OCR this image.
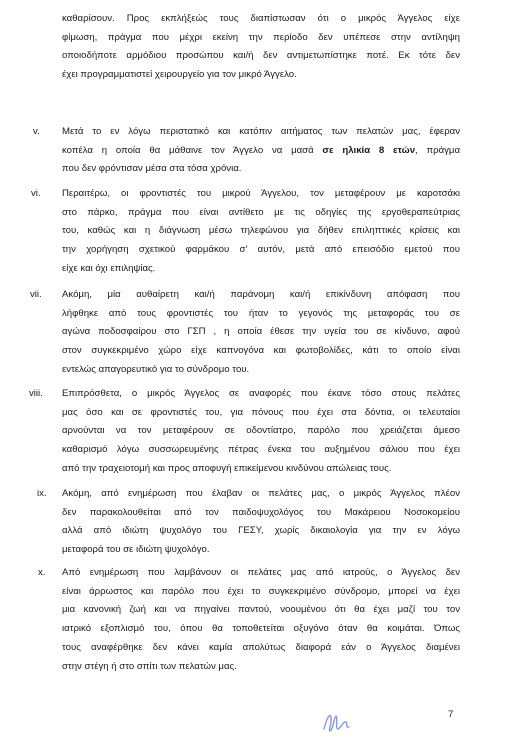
καθαρίσουν. Προς εκπλήξεώς τους διαπίστωσαν ότι ο μικρός Άγγελος είχε
φίμωση, πράγμα που μέχρι εκείνη την περίοδο δεν υπέπεσε στην αντίληψη
οποιοδήποτε αρμόδιου προσώπου και/ή δεν αντιμετωπίστηκε ποτέ. Εκ τότε δεν
έχει προγραμματιστεί χειρουργείο για τον μικρό Άγγελο.
v. Μετά το εν λόγω περιστατικό και κατόπιν αιτήματος των πελατών μας, έφεραν
κοπέλα η οποία θα μάθαινε τον Άγγελο να μασά σε ηλικία 8 ετών, πράγμα
που δεν φρόντισαν μέσα στα τόσα χρόνια.
vi. Περαιτέρω, οι φροντιστές του μικρού Άγγελου, τον μεταφέρουν με καροτσάκι
στο πάρκο, πράγμα που είναι αντίθετο με τις οδηγίες της εργοθεραπεύτριας
του, καθώς και η διάγνωση μέσω τηλεφώνου για δήθεν επιληπτικές κρίσεις και
την χορήγηση σχετικού φαρμάκου σ' αυτόν, μετά από επεισόδιο εμετού που
είχε και όχι επιληψίας.
vii. Ακόμη, μία αυθαίρετη και/ή παράνομη και/ή επικίνδυνη απόφαση που
λήφθηκε από τους φροντιστές του ήταν το γεγονός της μεταφοράς του σε
αγώνα ποδοσφαίρου στο ΓΣΠ , η οποία έθεσε την υγεία του σε κίνδυνο, αφού
στον συγκεκριμένο χώρο είχε καπνογόνα και φωτοβολίδες, κάτι το οποίο είναι
εντελώς απαγορευτικό για το σύνδρομο του.
viii. Επιπρόσθετα, ο μικρός Άγγελος σε αναφορές που έκανε τόσο στους πελάτες
μας όσο και σε φροντιστές του, για πόνους που έχει στα δόντια, οι τελευταίοι
αρνούνται να τον μεταφέρουν σε οδοντίατρο, παρόλο που χρειάζεται άμεσο
καθαρισμό λόγω συσσωρευμένης πέτρας ένεκα του αυξημένου σάλιου που έχει
από την τραχειοτομή και προς αποφυγή επικείμενου κινδύνου απώλειας τους.
ix. Ακόμη, από ενημέρωση που έλαβαν οι πελάτες μας, ο μικρός Άγγελος πλέον
δεν παρακολουθείται από τον παιδοψυχολόγος του Μακάρειου Νοσοκομείου
αλλά από ιδιώτη ψυχολόγο του ΓΕΣΥ, χωρίς δικαιολογία για την εν λόγω
μεταφορά του σε ιδιώτη ψυχολόγο.
x. Από ενημέρωση που λαμβάνουν οι πελάτες μας από ιατρούς, ο Άγγελος δεν
είναι άρρωστος και παρόλο που έχει το συγκεκριμένο σύνδρομο, μπορεί να έχει
μια κανονική ζωή και να πηγαίνει παντού, νοουμένου ότι θα έχει μαζί του τον
ιατρικό εξοπλισμό του, όπου θα τοποθετείται οξυγόνο όταν θα κοιμάται. Όπως
τους αναφέρθηκε δεν κάνει καμία απολύτως διαφορά εάν ο Άγγελος διαμένει
στην στέγη ή στο σπίτι των πελατών μας.
7
